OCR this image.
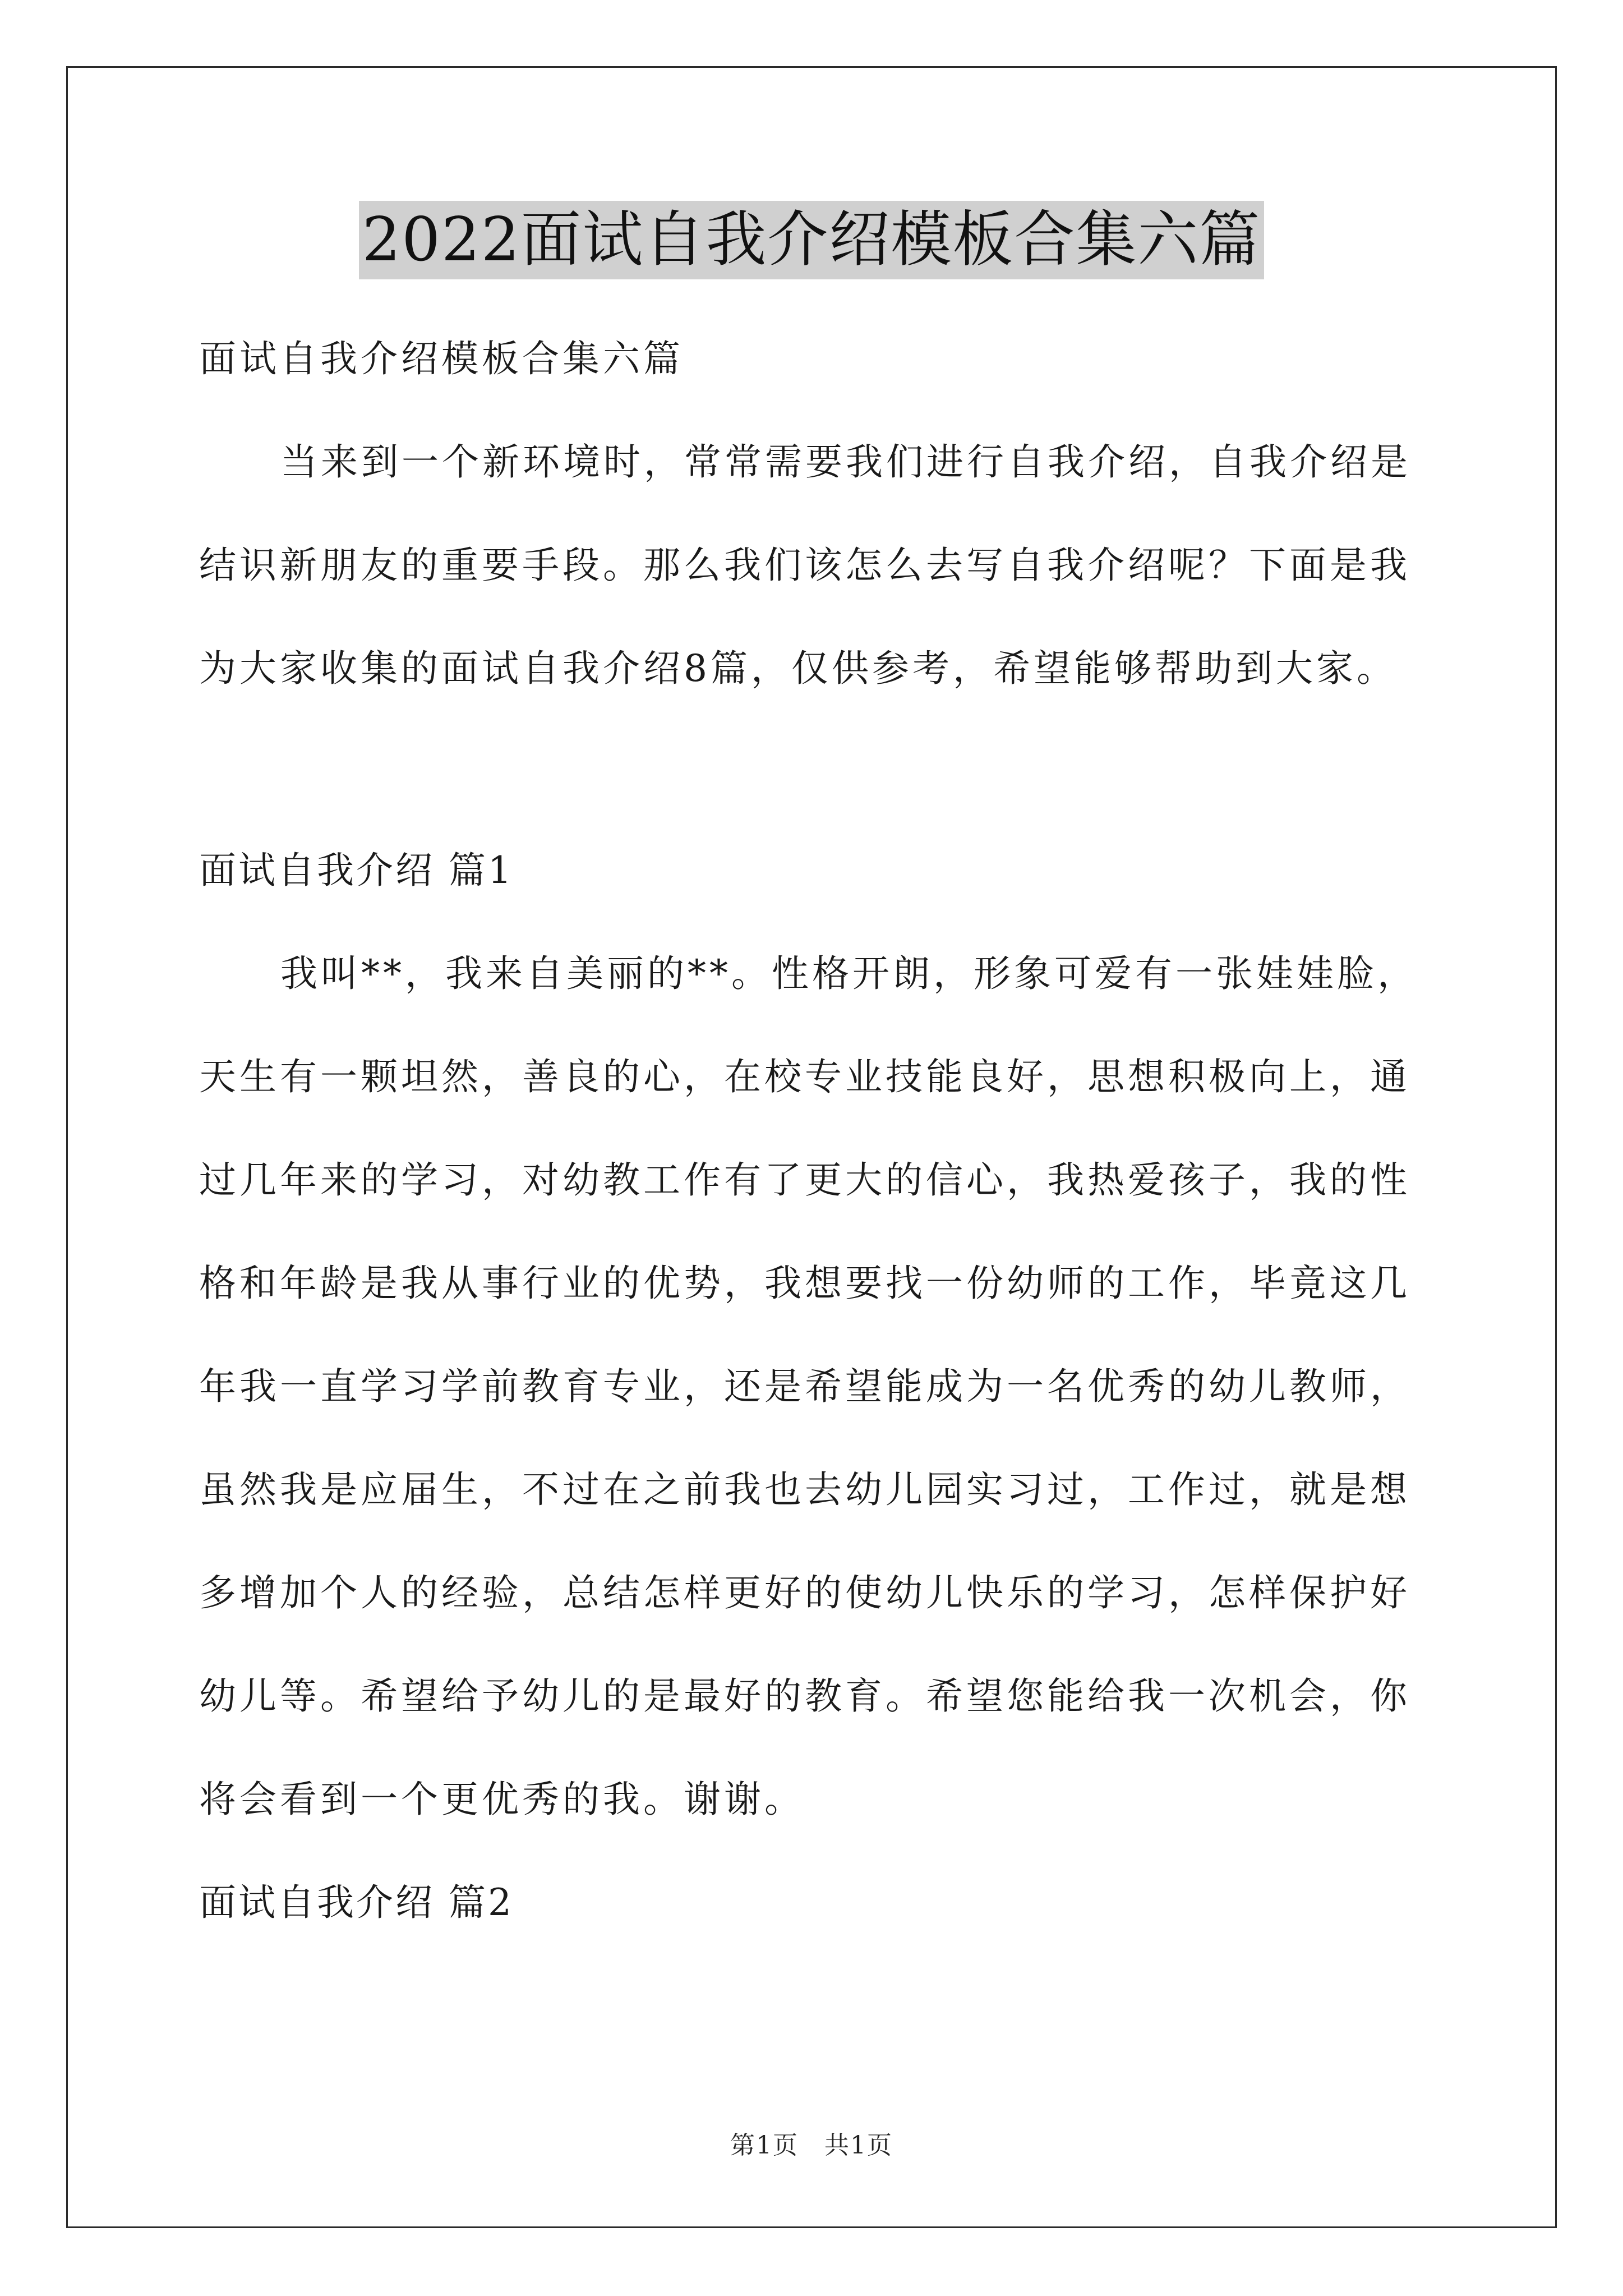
2022面试自我介绍模板合集六篇
面试自我介绍模板合集六篇
当来到一个新环境时，常常需要我们进行自我介绍，自我介绍是
结识新朋友的重要手段。那么我们该怎么去写自我介绍呢？下面是我
为大家收集的面试自我介绍8篇，仅供参考，希望能够帮助到大家。
面试自我介绍 篇1
我叫**，我来自美丽的**。性格开朗，形象可爱有一张娃娃脸，
天生有一颗坦然，善良的心，在校专业技能良好，思想积极向上，通
过几年来的学习，对幼教工作有了更大的信心，我热爱孩子，我的性
格和年龄是我从事行业的优势，我想要找一份幼师的工作，毕竟这几
年我一直学习学前教育专业，还是希望能成为一名优秀的幼儿教师，
虽然我是应届生，不过在之前我也去幼儿园实习过，工作过，就是想
多增加个人的经验，总结怎样更好的使幼儿快乐的学习，怎样保护好
幼儿等。希望给予幼儿的是最好的教育。希望您能给我一次机会，你
将会看到一个更优秀的我。谢谢。
面试自我介绍 篇2
第1页　共1页
